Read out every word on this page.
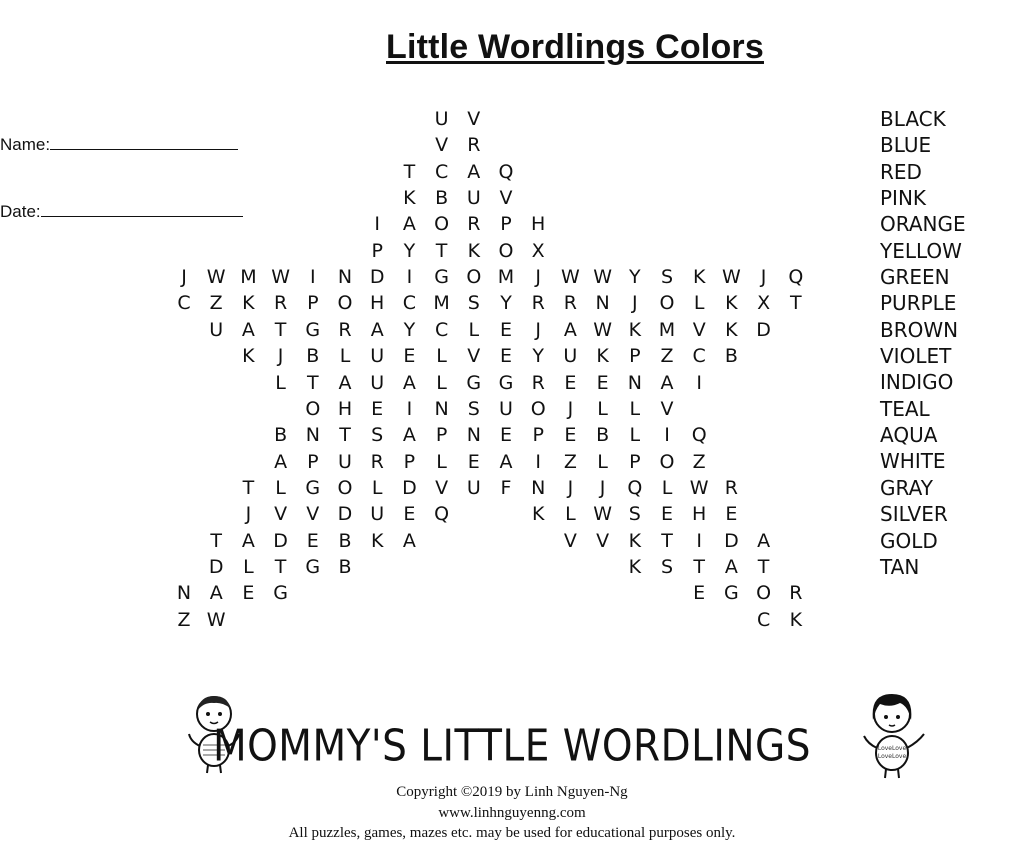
Little Wordlings Colors
Name:
Date:
U V
V R
T	C A Q
K	B U V
I	A O R	P	H
P	Y	T	K O X
J	W M W	I	N D	I	G O M	J	W W Y	S	K W	J	Q
C Z	K	R	P O H C M S	Y	R R N	J	O	L	K	X	T
U A	T	G R A	Y	C	L	E	J	A W K M V	K D
K	J	B	L	U	E	L	V	E	Y	U	K	P	Z C B
L	T	A U A	L	G G R	E	E	N A	I
O H	E	I	N	S	U O	J	L	L	V
B N	T	S	A	P	N	E	P	E	B	L	I	Q
A	P	U R	P	L	E	A	I	Z	L	P O Z
T	L	G O	L	D V U	F	N	J	J	Q	L W R
J	V V D U	E Q	K	L W S	E	H	E
T	A D E	B	K	A	V V	K	T	I	D A
D	L	T	G B	K	S	T	A	T
N A	E G	E G O R
Z W	C	K
BLACK
BLUE
RED
PINK
ORANGE
YELLOW
GREEN
PURPLE
BROWN
VIOLET
INDIGO
TEAL
AQUA
WHITE
GRAY
SILVER
GOLD
TAN
LoveLove
LoveLove
MOMMY'S LITTLE WORDLINGS
Copyright ©2019 by Linh Nguyen-Ng
www.linhnguyenng.com
All puzzles, games, mazes etc. may be used for educational purposes only.
